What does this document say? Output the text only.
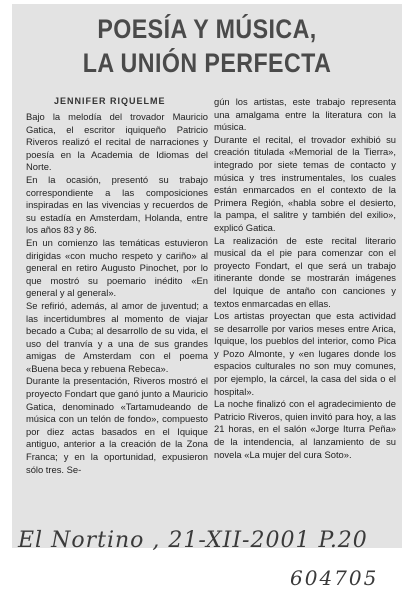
POESÍA Y MÚSICA,
LA UNIÓN PERFECTA
JENNIFER RIQUELME

Bajo la melodía del trovador Mauricio Gatica, el escritor iquiqueño Patricio Riveros realizó el recital de narraciones y poesía en la Academia de Idiomas del Norte.

En la ocasión, presentó su trabajo correspondiente a las composiciones inspiradas en las vivencias y recuerdos de su estadía en Amsterdam, Holanda, entre los años 83 y 86.

En un comienzo las temáticas estuvieron dirigidas «con mucho respeto y cariño» al general en retiro Augusto Pinochet, por lo que mostró su poemario inédito «En general y al general».

Se refirió, además, al amor de juventud; a las incertidumbres al momento de viajar becado a Cuba; al desarrollo de su vida, el uso del tranvía y a una de sus grandes amigas de Amsterdam con el poema «Buena beca y rebuena Rebeca».

Durante la presentación, Riveros mostró el proyecto Fondart que ganó junto a Mauricio Gatica, denominado «Tartamudeando de música con un telón de fondo», compuesto por diez actas basados en el Iquique antiguo, anterior a la creación de la Zona Franca; y en la oportunidad, expusieron sólo tres. Se-

gún los artistas, este trabajo representa una amalgama entre la literatura con la música.

Durante el recital, el trovador exhibió su creación titulada «Memorial de la Tierra», integrado por siete temas de contacto y música y tres instrumentales, los cuales están enmarcados en el contexto de la Primera Región, «habla sobre el desierto, la pampa, el salitre y también del exilio», explicó Gatica.

La realización de este recital literario musical da el pie para comenzar con el proyecto Fondart, el que será un trabajo itinerante donde se mostrarán imágenes del Iquique de antaño con canciones y textos enmarcadas en ellas.

Los artistas proyectan que esta actividad se desarrolle por varios meses entre Arica, Iquique, los pueblos del interior, como Pica y Pozo Almonte, y «en lugares donde los espacios culturales no son muy comunes, por ejemplo, la cárcel, la casa del sida o el hospital».

La noche finalizó con el agradecimiento de Patricio Riveros, quien invitó para hoy, a las 21 horas, en el salón «Jorge Iturra Peña» de la intendencia, al lanzamiento de su novela «La mujer del cura Soto».

El Nortino , 21-XII-2001 P.20
604705
